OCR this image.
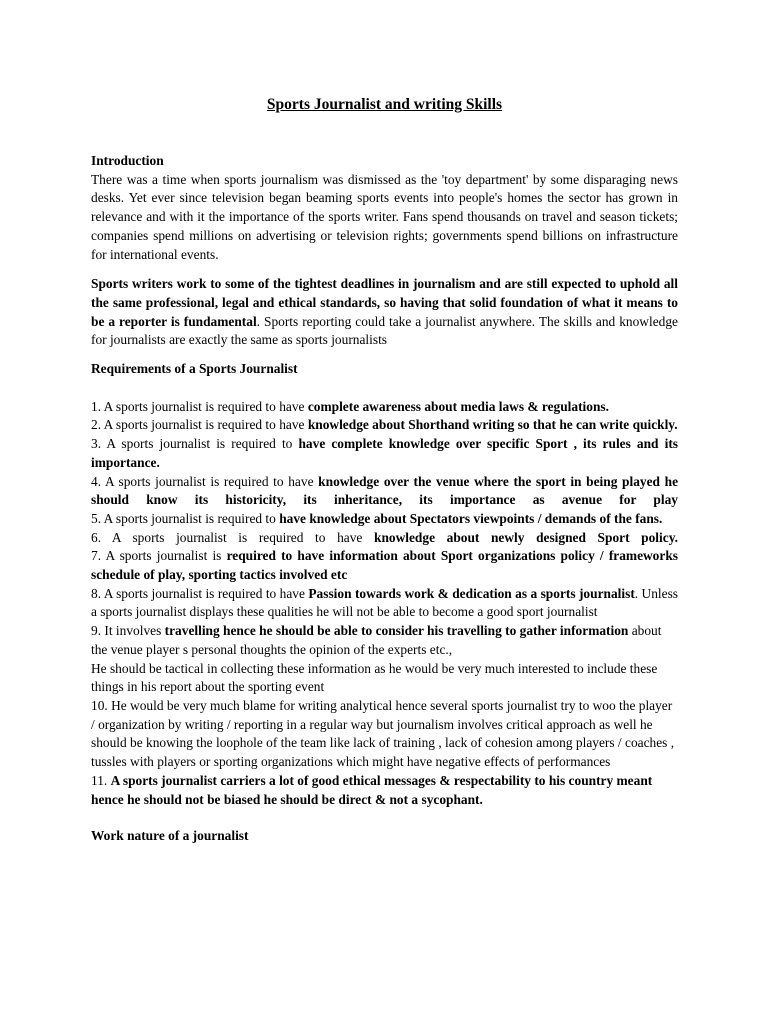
Sports Journalist and writing Skills

Introduction

There was a time when sports journalism was dismissed as the 'toy department' by some disparaging news desks. Yet ever since television began beaming sports events into people's homes the sector has grown in relevance and with it the importance of the sports writer. Fans spend thousands on travel and season tickets; companies spend millions on advertising or television rights; governments spend billions on infrastructure for international events.

Sports writers work to some of the tightest deadlines in journalism and are still expected to uphold all the same professional, legal and ethical standards, so having that solid foundation of what it means to be a reporter is fundamental. Sports reporting could take a journalist anywhere. The skills and knowledge for journalists are exactly the same as sports journalists

Requirements of a Sports Journalist

1. A sports journalist is required to have complete awareness about media laws & regulations.

2. A sports journalist is required to have knowledge about Shorthand writing so that he can write quickly.

3. A sports journalist is required to have complete knowledge over specific Sport , its rules and its importance.

4. A sports journalist is required to have knowledge over the venue where the sport in being played he should know its historicity, its inheritance, its importance as avenue for play

5. A sports journalist is required to have knowledge about Spectators viewpoints / demands of the fans.

6. A sports journalist is required to have knowledge about newly designed Sport policy.

7. A sports journalist is required to have information about Sport organizations policy / frameworks schedule of play, sporting tactics involved etc

8. A sports journalist is required to have Passion towards work & dedication as a sports journalist. Unless a sports journalist displays these qualities he will not be able to become a good sport journalist

9. It involves travelling hence he should be able to consider his travelling to gather information about the venue player s personal thoughts the opinion of the experts etc.,

He should be tactical in collecting these information as he would be very much interested to include these things in his report about the sporting event

10. He would be very much blame for writing analytical hence several sports journalist try to woo the player / organization by writing / reporting in a regular way but journalism involves critical approach as well he should be knowing the loophole of the team like lack of training , lack of cohesion among players / coaches , tussles with players or sporting organizations which might have negative effects of performances

11. A sports journalist carriers a lot of good ethical messages & respectability to his country meant hence he should not be biased he should be direct & not a sycophant.

Work nature of a journalist
